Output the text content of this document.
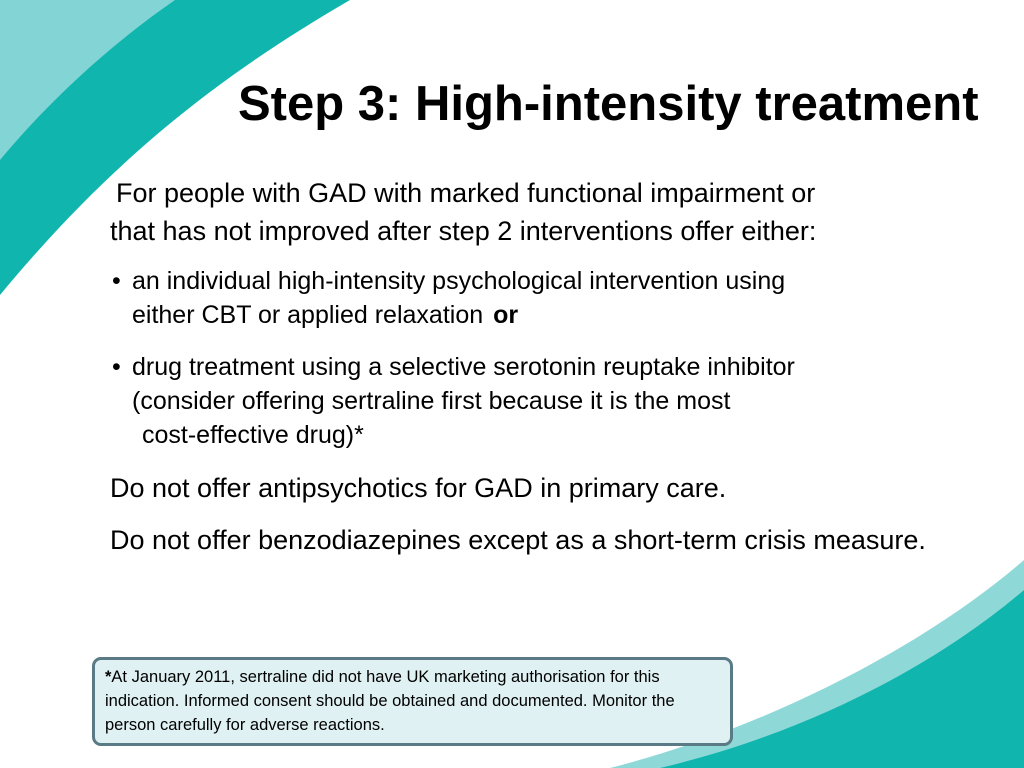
Step 3: High-intensity treatment

For people with GAD with marked functional impairment or
that has not improved after step 2 interventions offer either:

• an individual high-intensity psychological intervention using
either CBT or applied relaxation or
• drug treatment using a selective serotonin reuptake inhibitor
(consider offering sertraline first because it is the most

cost-effective drug)*

Do not offer antipsychotics for GAD in primary care.

Do not offer benzodiazepines except as a short-term crisis measure.

*At January 2011, sertraline did not have UK marketing authorisation for this indication. Informed consent should be obtained and documented. Monitor the person carefully for adverse reactions.
